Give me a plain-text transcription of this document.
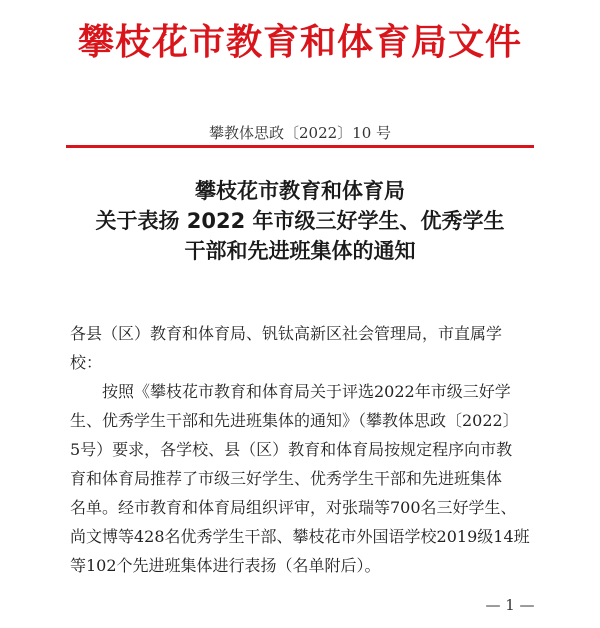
攀枝花市教育和体育局文件
攀教体思政〔2022〕10 号
攀枝花市教育和体育局
关于表扬 2022 年市级三好学生、优秀学生
干部和先进班集体的通知
各县（区）教育和体育局、钒钛高新区社会管理局，市直属学
校：
按照《攀枝花市教育和体育局关于评选2022年市级三好学
生、优秀学生干部和先进班集体的通知》（攀教体思政〔2022〕
5号）要求，各学校、县（区）教育和体育局按规定程序向市教
育和体育局推荐了市级三好学生、优秀学生干部和先进班集体
名单。经市教育和体育局组织评审，对张瑞等700名三好学生、
尚文博等428名优秀学生干部、攀枝花市外国语学校2019级14班
等102个先进班集体进行表扬（名单附后）。
— 1 —
